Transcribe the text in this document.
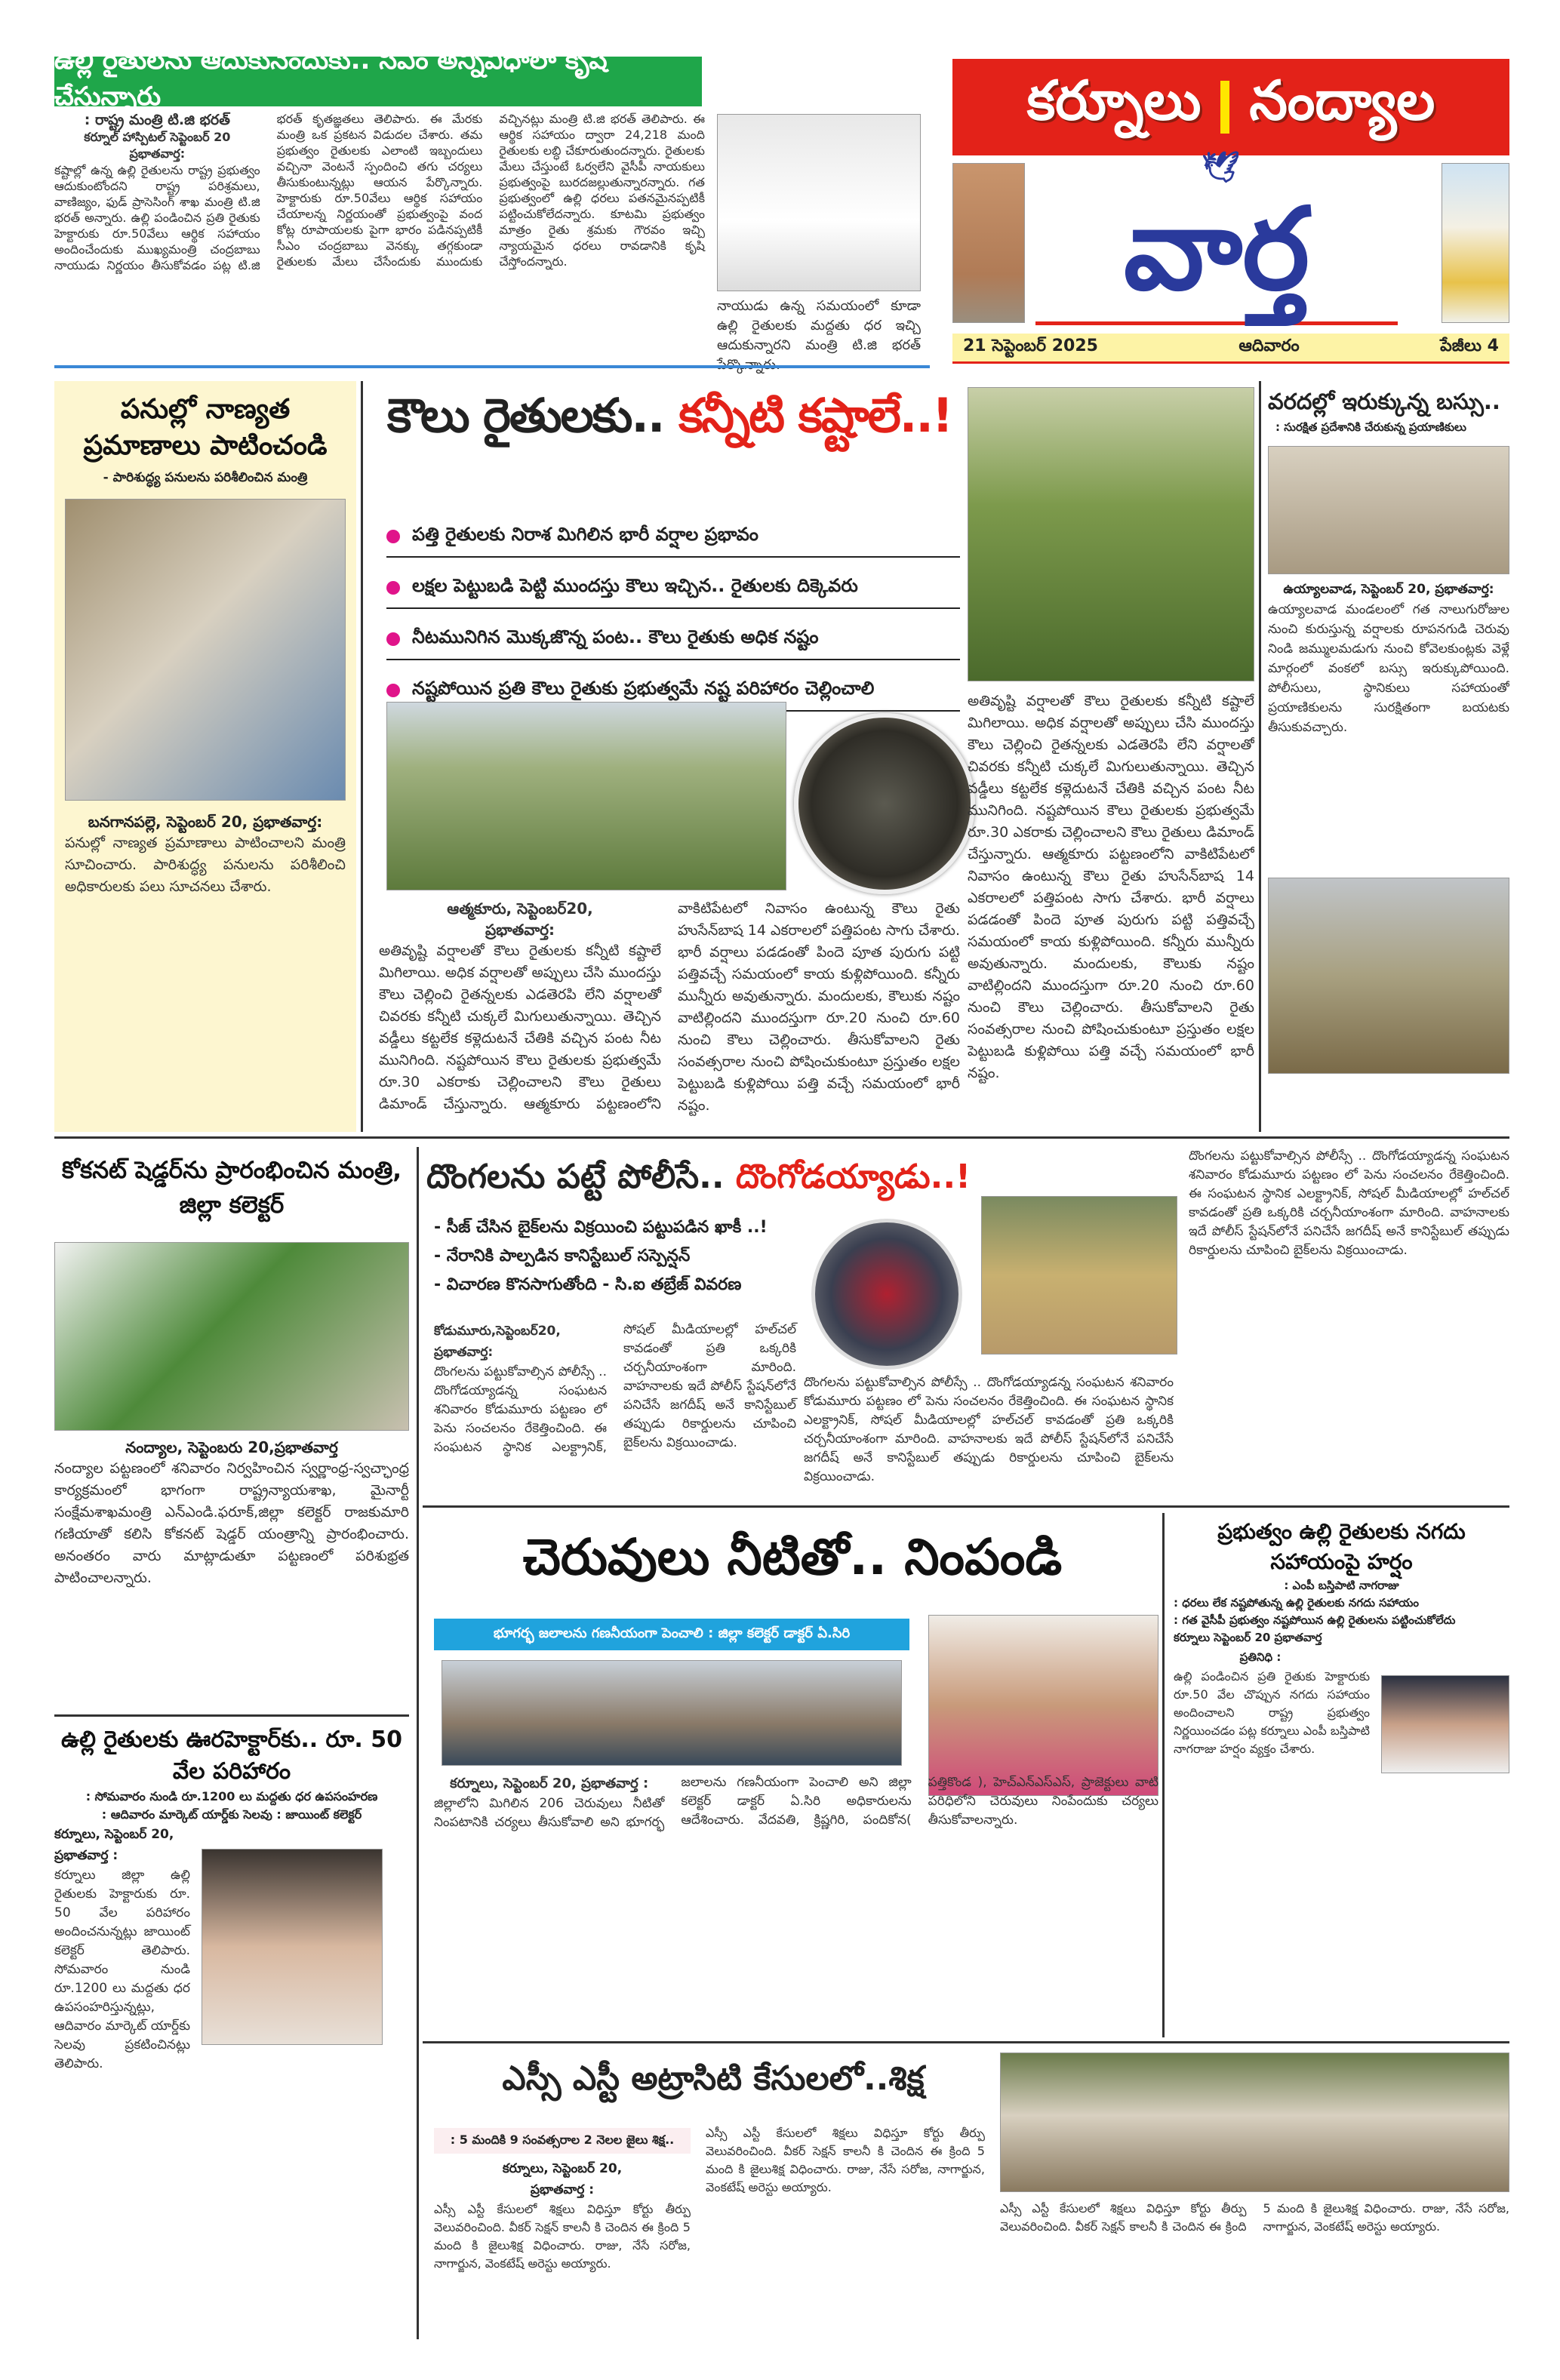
ఉల్లి రైతులను ఆదుకునేందుకు.. సీఎం అన్నివిధాలా కృషి చేస్తున్నారు
: రాష్ట్ర మంత్రి టి.జి భరత్
కర్నూల్ హాస్పిటల్ సెప్టెంబర్ 20
ప్రభాతవార్త:

కష్టాల్లో ఉన్న ఉల్లి రైతులను రాష్ట్ర ప్రభుత్వం ఆదుకుంటోందని రాష్ట్ర పరిశ్రమలు, వాణిజ్యం, ఫుడ్ ప్రాసెసింగ్ శాఖ మంత్రి టి.జి భరత్ అన్నారు. ఉల్లి పండించిన ప్రతి రైతుకు హెక్టారుకు రూ.50వేలు ఆర్థిక సహాయం అందించేందుకు ముఖ్యమంత్రి చంద్రబాబు నాయుడు నిర్ణయం తీసుకోవడం పట్ల టి.జి భరత్ కృతజ్ఞతలు తెలిపారు. ఈ మేరకు మంత్రి ఒక ప్రకటన విడుదల చేశారు. తమ ప్రభుత్వం రైతులకు ఎలాంటి ఇబ్బందులు వచ్చినా వెంటనే స్పందించి తగు చర్యలు తీసుకుంటున్నట్లు ఆయన పేర్కొన్నారు. హెక్టారుకు రూ.50వేలు ఆర్థిక సహాయం చేయాలన్న నిర్ణయంతో ప్రభుత్వంపై వంద కోట్ల రూపాయలకు పైగా భారం పడినప్పటికీ సీఎం చంద్రబాబు వెనక్కు తగ్గకుండా రైతులకు మేలు చేసేందుకు ముందుకు వచ్చినట్లు మంత్రి టి.జి భరత్ తెలిపారు. ఈ ఆర్థిక సహాయం ద్వారా 24,218 మంది రైతులకు లబ్ధి చేకూరుతుందన్నారు. రైతులకు మేలు చేస్తుంటే ఓర్వలేని వైసీపీ నాయకులు ప్రభుత్వంపై బురదజల్లుతున్నారన్నారు. గత ప్రభుత్వంలో ఉల్లి ధరలు పతనమైనప్పటికీ పట్టించుకోలేదన్నారు. కూటమి ప్రభుత్వం మాత్రం రైతు శ్రమకు గౌరవం ఇచ్చి న్యాయమైన ధరలు రావడానికి కృషి చేస్తోందన్నారు.

నాయుడు ఉన్న సమయంలో కూడా ఉల్లి రైతులకు మద్దతు ధర ఇచ్చి ఆదుకున్నారని మంత్రి టి.జి భరత్
కర్నూలు నంద్యాల
🕊
వార్త
21 సెప్టెంబర్ 2025	ఆదివారం	పేజీలు 4
పనుల్లో నాణ్యత ప్రమాణాలు పాటించండి
- పారిశుద్ధ్య పనులను పరిశీలించిన మంత్రి
బనగానపల్లె, సెప్టెంబర్ 20, ప్రభాతవార్త:

పనుల్లో నాణ్యత ప్రమాణాలు పాటించాలని మంత్రి సూచించారు. పారిశుద్ధ్య పనులను పరిశీలించి అధికారులకు పలు సూచనలు చేశారు.

కౌలు రైతులకు.. కన్నీటి కష్టాలే..!
పత్తి రైతులకు నిరాశ మిగిలిన భారీ వర్షాల ప్రభావం
లక్షల పెట్టుబడి పెట్టి ముందస్తు కౌలు ఇచ్చిన.. రైతులకు దిక్కెవరు
నీటమునిగిన మొక్కజొన్న పంట.. కౌలు రైతుకు అధిక నష్టం
నష్టపోయిన ప్రతి కౌలు రైతుకు ప్రభుత్వమే నష్ట పరిహారం చెల్లించాలి
ఆత్మకూరు, సెప్టెంబర్20,
ప్రభాతవార్త:

అతివృష్టి వర్షాలతో కౌలు రైతులకు కన్నీటి కష్టాలే మిగిలాయి. అధిక వర్షాలతో అప్పులు చేసి ముందస్తు కౌలు చెల్లించి రైతన్నలకు ఎడతెరపి లేని వర్షాలతో చివరకు కన్నీటి చుక్కలే మిగులుతున్నాయి. తెచ్చిన వడ్డీలు కట్టలేక కళ్లెదుటనే చేతికి వచ్చిన పంట నీట మునిగింది. నష్టపోయిన కౌలు రైతులకు ప్రభుత్వమే రూ.30 ఎకరాకు చెల్లించాలని కౌలు రైతులు డిమాండ్ చేస్తున్నారు. ఆత్మకూరు పట్టణంలోని వాకిటిపేటలో నివాసం ఉంటున్న కౌలు రైతు హుసేన్‌బాష 14 ఎకరాలలో పత్తిపంట సాగు చేశారు. భారీ వర్షాలు పడడంతో పిందె పూత పురుగు పట్టి పత్తివచ్చే సమయంలో కాయ కుళ్లిపోయింది. కన్నీరు మున్నీరు అవుతున్నారు. మందులకు, కౌలుకు నష్టం వాటిల్లిందని ముందస్తుగా రూ.20 నుంచి రూ.60 నుంచి కౌలు చెల్లించారు. తీసుకోవాలని రైతు సంవత్సరాల నుంచి పోషించుకుంటూ ప్రస్తుతం లక్షల పెట్టుబడి కుళ్లిపోయి పత్తి వచ్చే సమయంలో భారీ నష్టం.

అతివృష్టి వర్షాలతో కౌలు రైతులకు కన్నీటి కష్టాలే మిగిలాయి. అధిక వర్షాలతో అప్పులు చేసి ముందస్తు కౌలు చెల్లించి రైతన్నలకు ఎడతెరపి లేని వర్షాలతో చివరకు కన్నీటి చుక్కలే మిగులుతున్నాయి. తెచ్చిన వడ్డీలు కట్టలేక కళ్లెదుటనే చేతికి వచ్చిన పంట నీట మునిగింది. నష్టపోయిన కౌలు రైతులకు ప్రభుత్వమే రూ.30 ఎకరాకు చెల్లించాలని కౌలు రైతులు డిమాండ్ చేస్తున్నారు. ఆత్మకూరు పట్టణంలోని వాకిటిపేటలో నివాసం ఉంటున్న కౌలు రైతు హుసేన్‌బాష 14 ఎకరాలలో పత్తిపంట సాగు చేశారు. భారీ వర్షాలు పడడంతో పిందె పూత పురుగు పట్టి పత్తివచ్చే సమయంలో కాయ కుళ్లిపోయింది. కన్నీరు మున్నీరు అవుతున్నారు. మందులకు, కౌలుకు నష్టం వాటిల్లిందని ముందస్తుగా రూ.20 నుంచి రూ.60 నుంచి కౌలు చెల్లించారు. తీసుకోవాలని రైతు సంవత్సరాల నుంచి పోషించుకుంటూ ప్రస్తుతం లక్షల పెట్టుబడి కుళ్లిపోయి పత్తి వచ్చే సమయంలో భారీ నష్టం.

వరదల్లో ఇరుక్కున్న బస్సు..
: సురక్షిత ప్రదేశానికి చేరుకున్న ప్రయాణికులు
ఉయ్యాలవాడ, సెప్టెంబర్ 20, ప్రభాతవార్త:

ఉయ్యాలవాడ మండలంలో గత నాలుగురోజుల నుంచి కురుస్తున్న వర్షాలకు రూపనగుడి చెరువు నిండి జమ్ములమడుగు నుంచి కోవెలకుంట్లకు వెళ్లే మార్గంలో వంకలో బస్సు ఇరుక్కుపోయింది. పోలీసులు, స్థానికులు సహాయంతో ప్రయాణికులను సురక్షితంగా బయటకు తీసుకువచ్చారు.

కోకనట్ షెడ్డర్‌ను ప్రారంభించిన మంత్రి, జిల్లా కలెక్టర్
నంద్యాల, సెప్టెంబరు 20,ప్రభాతవార్త

నంద్యాల పట్టణంలో శనివారం నిర్వహించిన స్వర్ణాంధ్ర-స్వచ్ఛాంధ్ర కార్యక్రమంలో భాగంగా రాష్ట్రన్యాయశాఖ, మైనార్టీ సంక్షేమశాఖమంత్రి ఎన్ఎండి.ఫరూక్,జిల్లా కలెక్టర్ రాజకుమారి గణియాతో కలిసి కోకనట్ షెడ్డర్ యంత్రాన్ని ప్రారంభించారు. అనంతరం వారు మాట్లాడుతూ పట్టణంలో పరిశుభ్రత పాటించాలన్నారు.

దొంగలను పట్టే పోలీసే.. దొంగోడయ్యాడు..!
- సీజ్ చేసిన బైక్‌లను విక్రయించి పట్టుపడిన ఖాకీ ..!
- నేరానికి పాల్పడిన కానిస్టేబుల్ సస్పెన్షన్
- విచారణ కొనసాగుతోంది - సి.ఐ తబ్రేజ్ వివరణ
కోడుమూరు,సెప్టెంబర్20, ప్రభాతవార్త:

దొంగలను పట్టుకోవాల్సిన పోలీస్సే .. దొంగోడయ్యాడన్న సంఘటన శనివారం కోడుమూరు పట్టణం లో పెను సంచలనం రేకెత్తించింది. ఈ సంఘటన స్థానిక ఎలక్ట్రానిక్, సోషల్ మీడియాలల్లో హల్‌చల్ కావడంతో ప్రతి ఒక్కరికి చర్చనీయాంశంగా మారింది. వాహనాలకు ఇదే పోలీస్ స్టేషన్‌లోనే పనిచేసే జగదీష్ అనే కానిస్టేబుల్ తప్పుడు రికార్డులను చూపించి బైక్‌లను విక్రయించాడు.

దొంగలను పట్టుకోవాల్సిన పోలీస్సే .. దొంగోడయ్యాడన్న సంఘటన శనివారం కోడుమూరు పట్టణం లో పెను సంచలనం రేకెత్తించింది. ఈ సంఘటన స్థానిక ఎలక్ట్రానిక్, సోషల్ మీడియాలల్లో హల్‌చల్ కావడంతో ప్రతి ఒక్కరికి చర్చనీయాంశంగా మారింది. వాహనాలకు ఇదే పోలీస్ స్టేషన్‌లోనే పనిచేసే జగదీష్ అనే కానిస్టేబుల్ తప్పుడు రికార్డులను చూపించి బైక్‌లను విక్రయించాడు.

దొంగలను పట్టుకోవాల్సిన పోలీస్సే .. దొంగోడయ్యాడన్న సంఘటన శనివారం కోడుమూరు పట్టణం లో పెను సంచలనం రేకెత్తించింది. ఈ సంఘటన స్థానిక ఎలక్ట్రానిక్, సోషల్ మీడియాలల్లో హల్‌చల్ కావడంతో ప్రతి ఒక్కరికి చర్చనీయాంశంగా మారింది. వాహనాలకు ఇదే పోలీస్ స్టేషన్‌లోనే పనిచేసే జగదీష్ అనే కానిస్టేబుల్ తప్పుడు రికార్డులను చూపించి బైక్‌లను విక్రయించాడు.

ఉల్లి రైతులకు ఊరహెక్టార్‌కు.. రూ. 50 వేల పరిహారం
: సోమవారం నుండి రూ.1200 లు మద్దతు ధర ఉపసంహరణ
: ఆదివారం మార్కెట్ యార్డ్‌కు సెలవు : జాయింట్ కలెక్టర్
కర్నూలు, సెప్టెంబర్ 20,
ప్రభాతవార్త :

కర్నూలు జిల్లా ఉల్లి రైతులకు హెక్టారుకు రూ. 50 వేల పరిహారం అందించనున్నట్లు జాయింట్ కలెక్టర్ తెలిపారు. సోమవారం నుండి రూ.1200 లు మద్దతు ధర ఉపసంహరిస్తున్నట్లు, ఆదివారం మార్కెట్ యార్డ్‌కు సెలవు ప్రకటించినట్లు తెలిపారు.

చెరువులు నీటితో.. నింపండి
భూగర్భ జలాలను గణనీయంగా పెంచాలి : జిల్లా కలెక్టర్ డాక్టర్ ఏ.సిరి
కర్నూలు, సెప్టెంబర్ 20, ప్రభాతవార్త :

జిల్లాలోని మిగిలిన 206 చెరువులు నీటితో నింపటానికి చర్యలు తీసుకోవాలి అని భూగర్భ జలాలను గణనీయంగా పెంచాలి అని జిల్లా కలెక్టర్ డాక్టర్ ఏ.సిరి అధికారులను ఆదేశించారు. వేదవతి, క్రిష్ణగిరి, పందికోన( పత్తికొండ ), హెచ్ఎన్ఎస్ఎస్, ప్రాజెక్టులు వాటి పరిధిలోని చెరువులు నింపేందుకు చర్యలు తీసుకోవాలన్నారు.

ప్రభుత్వం ఉల్లి రైతులకు నగదు సహాయంపై హర్షం
: ఎంపీ బస్తిపాటి నాగరాజు
: ధరలు లేక నష్టపోతున్న ఉల్లి రైతులకు నగదు సహాయం
: గత వైసీపీ ప్రభుత్వం నష్టపోయిన ఉల్లి రైతులను పట్టించుకోలేదు
కర్నూలు సెప్టెంబర్ 20 ప్రభాతవార్త
ప్రతినిధి :

ఉల్లి పండించిన ప్రతి రైతుకు హెక్టారుకు రూ.50 వేల చొప్పున నగదు సహాయం అందించాలని రాష్ట్ర ప్రభుత్వం నిర్ణయించడం పట్ల కర్నూలు ఎంపీ బస్తిపాటి నాగరాజు హర్షం వ్యక్తం చేశారు.

ఎస్సీ ఎస్టీ అట్రాసిటి కేసులలో..శిక్ష
: 5 మందికి 9 సంవత్సరాల 2 నెలల జైలు శిక్ష..
కర్నూలు, సెప్టెంబర్ 20,
ప్రభాతవార్త :

ఎస్సీ ఎస్టీ కేసులలో శిక్షలు విధిస్తూ కోర్టు తీర్పు వెలువరించింది. వీకర్ సెక్షన్ కాలనీ కి చెందిన ఈ క్రింది 5 మంది కి జైలుశిక్ష విధించారు. రాజు, నేసే సరోజ, నాగార్జున, వెంకటేష్ అరెస్టు అయ్యారు.

ఎస్సీ ఎస్టీ కేసులలో శిక్షలు విధిస్తూ కోర్టు తీర్పు వెలువరించింది. వీకర్ సెక్షన్ కాలనీ కి చెందిన ఈ క్రింది 5 మంది కి జైలుశిక్ష విధించారు. రాజు, నేసే సరోజ, నాగార్జున, వెంకటేష్ అరెస్టు అయ్యారు.

ఎస్సీ ఎస్టీ కేసులలో శిక్షలు విధిస్తూ కోర్టు తీర్పు వెలువరించింది. వీకర్ సెక్షన్ కాలనీ కి చెందిన ఈ క్రింది 5 మంది కి జైలుశిక్ష విధించారు. రాజు, నేసే సరోజ, నాగార్జున, వెంకటేష్ అరెస్టు అయ్యారు.
